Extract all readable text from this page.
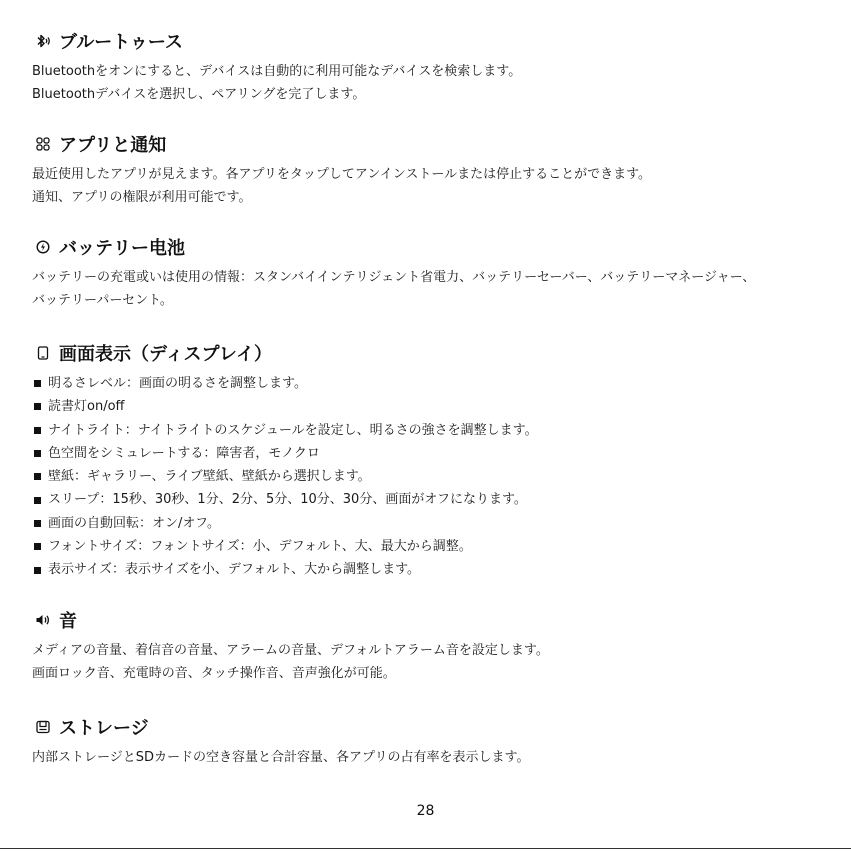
ブルートゥース

Bluetoothをオンにすると、デバイスは自動的に利用可能なデバイスを検索します。

Bluetoothデバイスを選択し、ペアリングを完了します。

アプリと通知

最近使用したアプリが見えます。各アプリをタップしてアンインストールまたは停止することができます。

通知、アプリの権限が利用可能です。

バッテリー电池

バッテリーの充電或いは使用の情報：スタンバイインテリジェント省電力、バッテリーセーバー、バッテリーマネージャー、

バッテリーパーセント。

画面表示（ディスプレイ）
明るさレベル：画面の明るさを調整します。
読書灯on/off
ナイトライト：ナイトライトのスケジュールを設定し、明るさの強さを調整します。
色空間をシミュレートする：障害者，モノクロ
壁紙：ギャラリー、ライブ壁紙、壁紙から選択します。
スリープ：15秒、30秒、1分、2分、5分、10分、30分、画面がオフになります。
画面の自動回転：オン/オフ。
フォントサイズ：フォントサイズ：小、デフォルト、大、最大から調整。
表示サイズ：表示サイズを小、デフォルト、大から調整します。
音

メディアの音量、着信音の音量、アラームの音量、デフォルトアラーム音を設定します。

画面ロック音、充電時の音、タッチ操作音、音声強化が可能。

ストレージ

内部ストレージとSDカードの空き容量と合計容量、各アプリの占有率を表示します。

28
